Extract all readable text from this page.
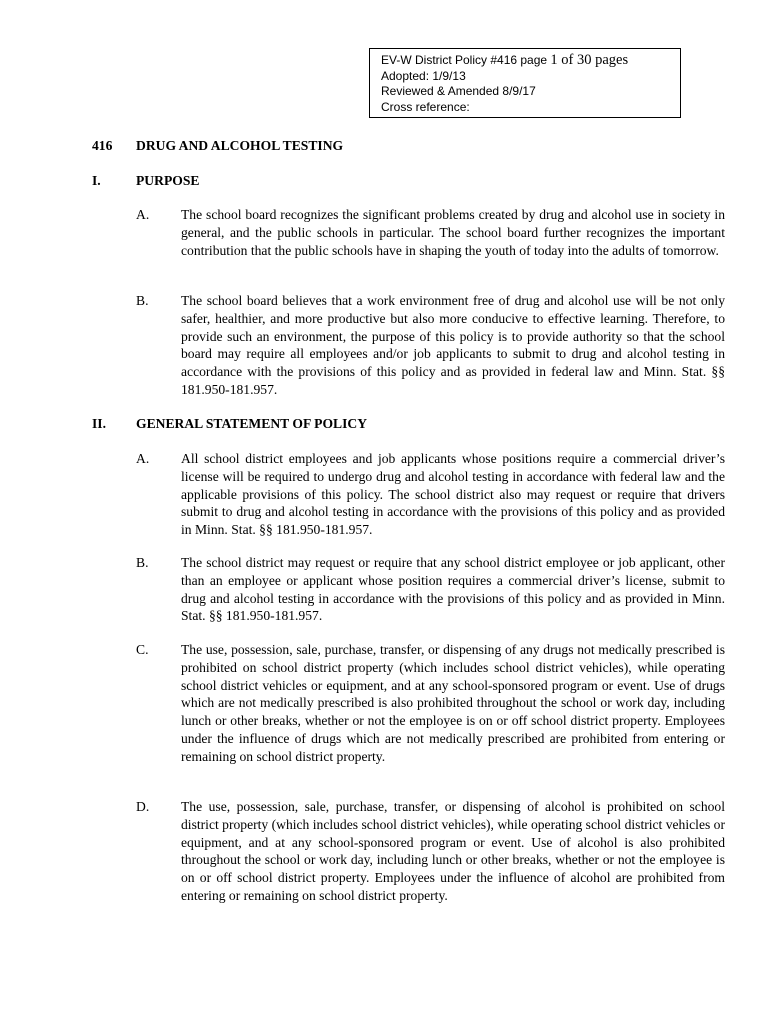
EV-W District Policy #416 page 1 of 30 pages
Adopted: 1/9/13
Reviewed & Amended 8/9/17
Cross reference:
416 DRUG AND ALCOHOL TESTING
I.	PURPOSE
A. The school board recognizes the significant problems created by drug and alcohol use in society in general, and the public schools in particular. The school board further recognizes the important contribution that the public schools have in shaping the youth of today into the adults of tomorrow.
B. The school board believes that a work environment free of drug and alcohol use will be not only safer, healthier, and more productive but also more conducive to effective learning. Therefore, to provide such an environment, the purpose of this policy is to provide authority so that the school board may require all employees and/or job applicants to submit to drug and alcohol testing in accordance with the provisions of this policy and as provided in federal law and Minn. Stat. §§ 181.950-181.957.
II. GENERAL STATEMENT OF POLICY
A. All school district employees and job applicants whose positions require a commercial driver’s license will be required to undergo drug and alcohol testing in accordance with federal law and the applicable provisions of this policy. The school district also may request or require that drivers submit to drug and alcohol testing in accordance with the provisions of this policy and as provided in Minn. Stat. §§ 181.950-181.957.
B. The school district may request or require that any school district employee or job applicant, other than an employee or applicant whose position requires a commercial driver’s license, submit to drug and alcohol testing in accordance with the provisions of this policy and as provided in Minn. Stat. §§ 181.950-181.957.
C. The use, possession, sale, purchase, transfer, or dispensing of any drugs not medically prescribed is prohibited on school district property (which includes school district vehicles), while operating school district vehicles or equipment, and at any school-sponsored program or event. Use of drugs which are not medically prescribed is also prohibited throughout the school or work day, including lunch or other breaks, whether or not the employee is on or off school district property. Employees under the influence of drugs which are not medically prescribed are prohibited from entering or remaining on school district property.
D. The use, possession, sale, purchase, transfer, or dispensing of alcohol is prohibited on school district property (which includes school district vehicles), while operating school district vehicles or equipment, and at any school-sponsored program or event. Use of alcohol is also prohibited throughout the school or work day, including lunch or other breaks, whether or not the employee is on or off school district property. Employees under the influence of alcohol are prohibited from entering or remaining on school district property.
